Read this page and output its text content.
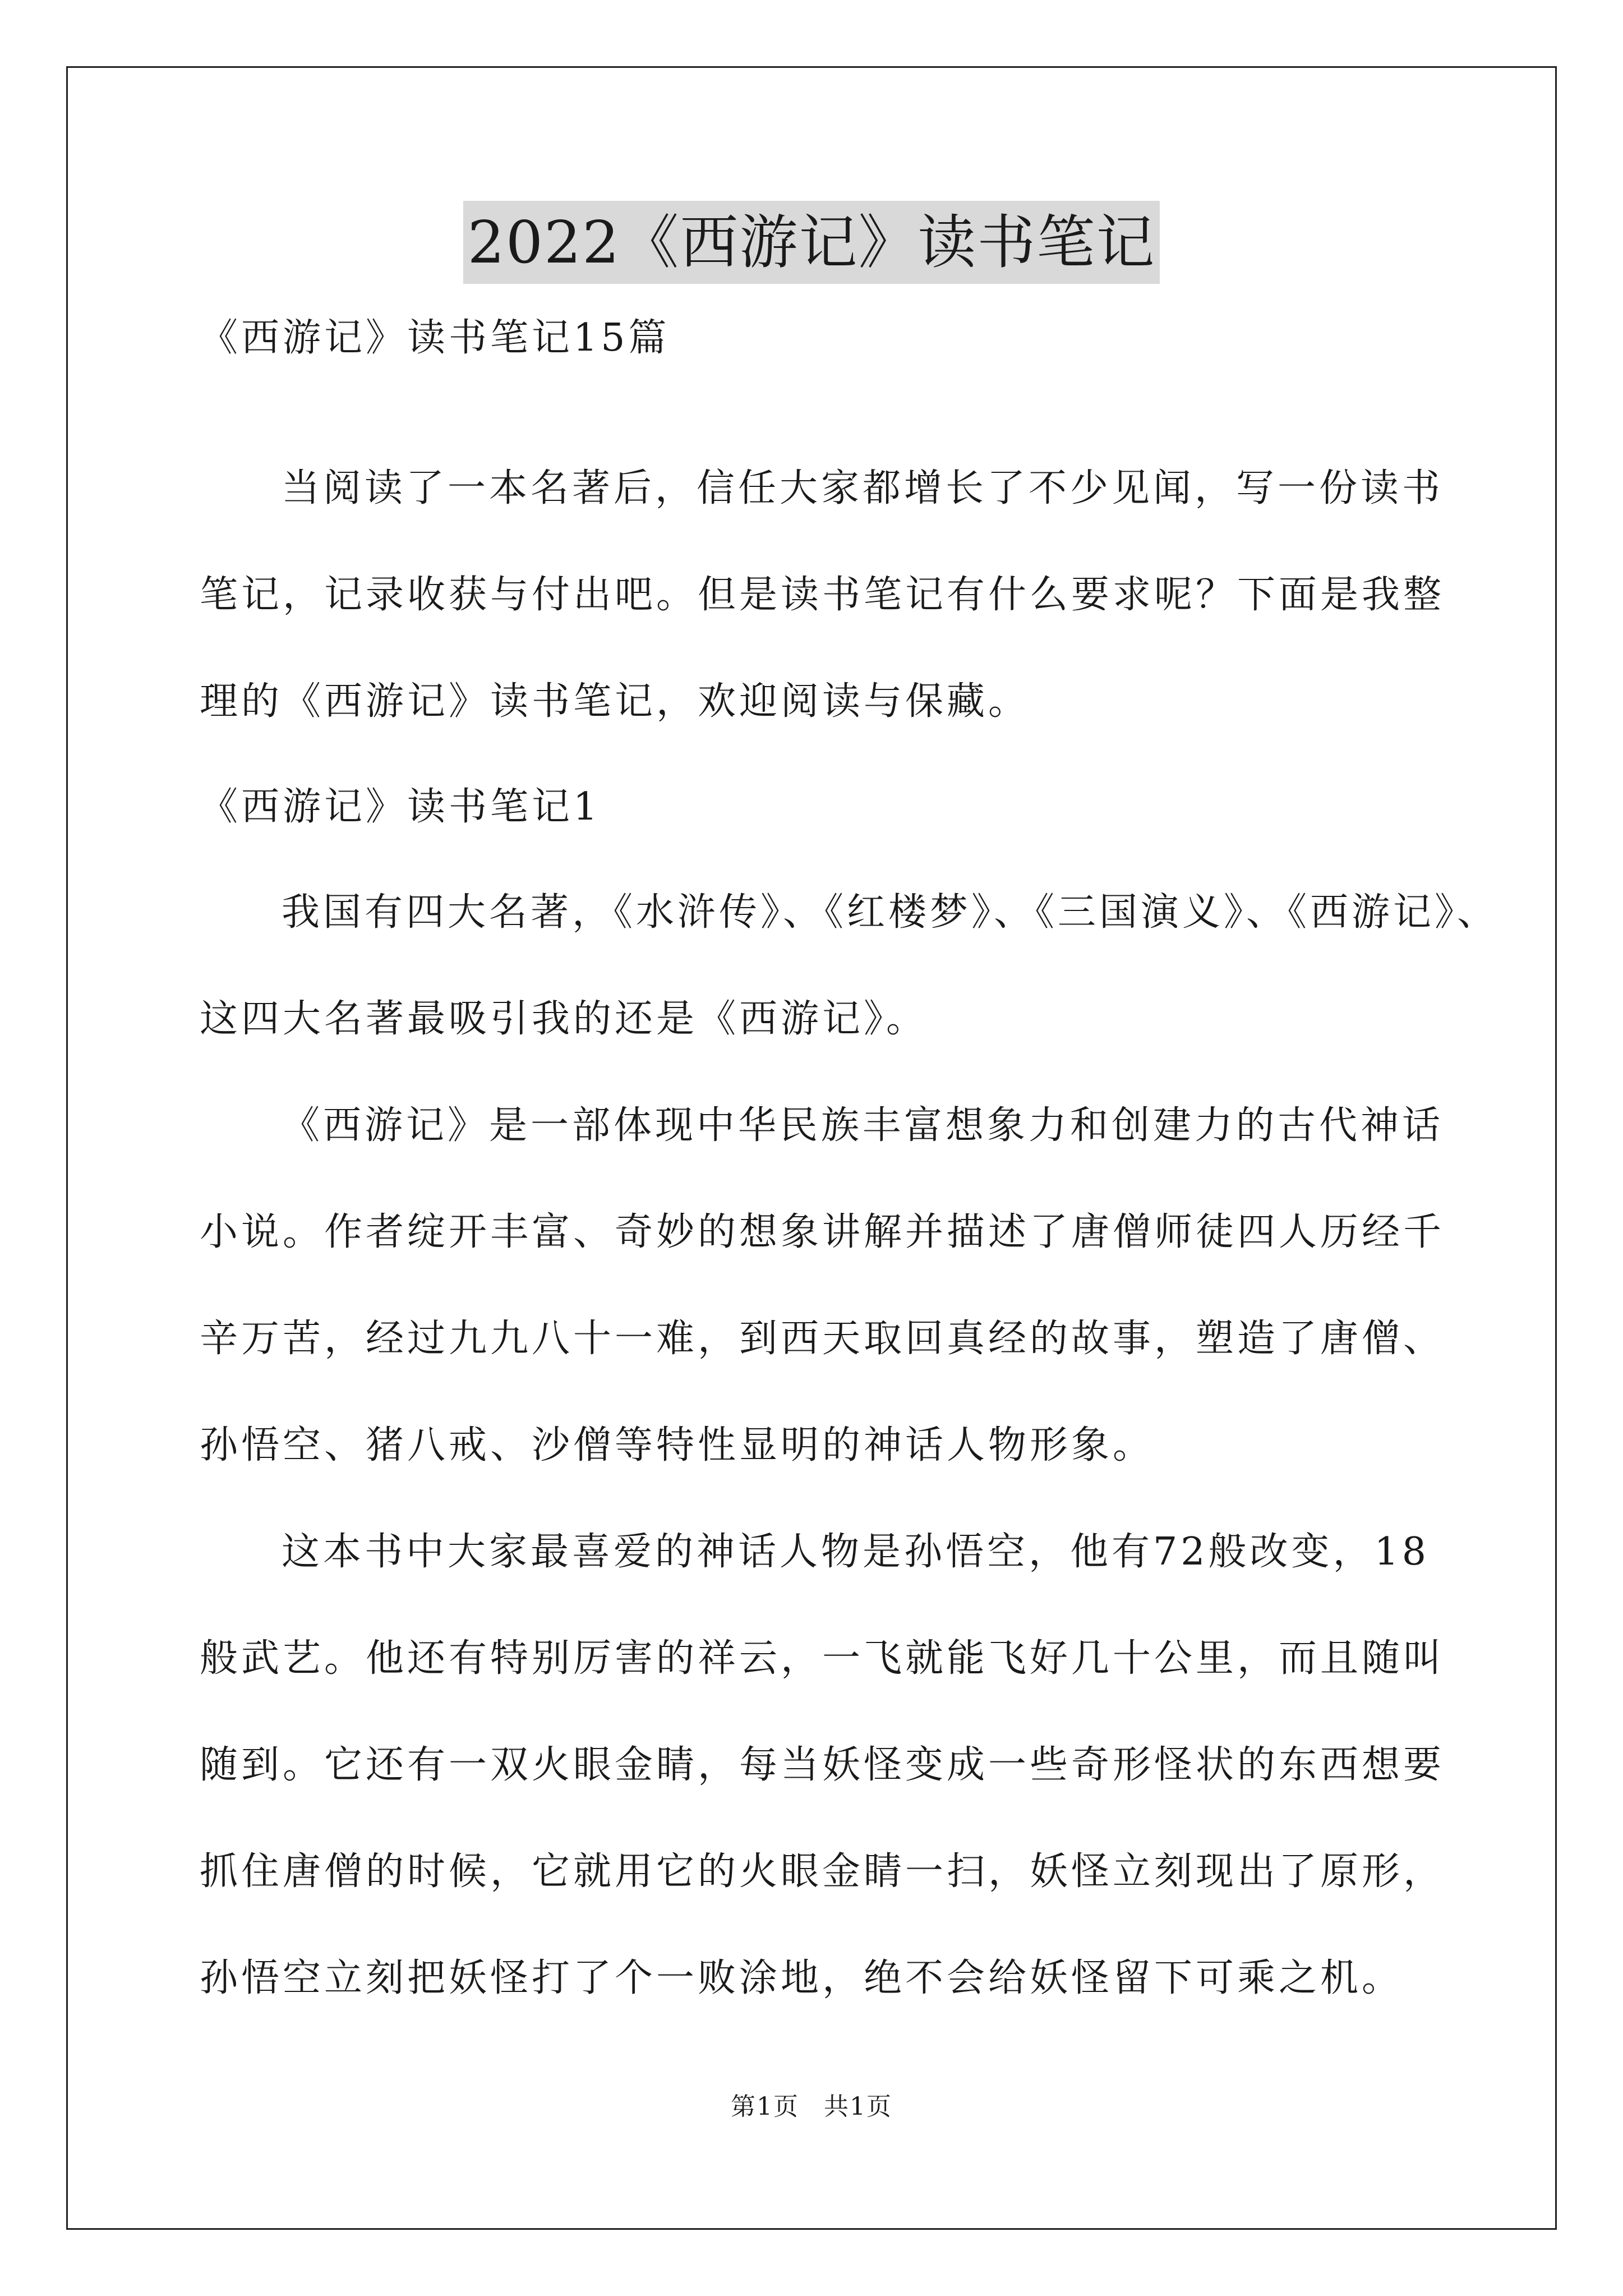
2022《西游记》读书笔记
《西游记》读书笔记15篇
当阅读了一本名著后，信任大家都增长了不少见闻，写一份读书
笔记，记录收获与付出吧。但是读书笔记有什么要求呢？下面是我整
理的《西游记》读书笔记，欢迎阅读与保藏。
《西游记》读书笔记1
我国有四大名著，《水浒传》、《红楼梦》、《三国演义》、《西游记》、
这四大名著最吸引我的还是《西游记》。
《西游记》是一部体现中华民族丰富想象力和创建力的古代神话
小说。作者绽开丰富、奇妙的想象讲解并描述了唐僧师徒四人历经千
辛万苦，经过九九八十一难，到西天取回真经的故事，塑造了唐僧、
孙悟空、猪八戒、沙僧等特性显明的神话人物形象。
这本书中大家最喜爱的神话人物是孙悟空，他有72般改变，18
般武艺。他还有特别厉害的祥云，一飞就能飞好几十公里，而且随叫
随到。它还有一双火眼金睛，每当妖怪变成一些奇形怪状的东西想要
抓住唐僧的时候，它就用它的火眼金睛一扫，妖怪立刻现出了原形，
孙悟空立刻把妖怪打了个一败涂地，绝不会给妖怪留下可乘之机。
第1页 共1页
